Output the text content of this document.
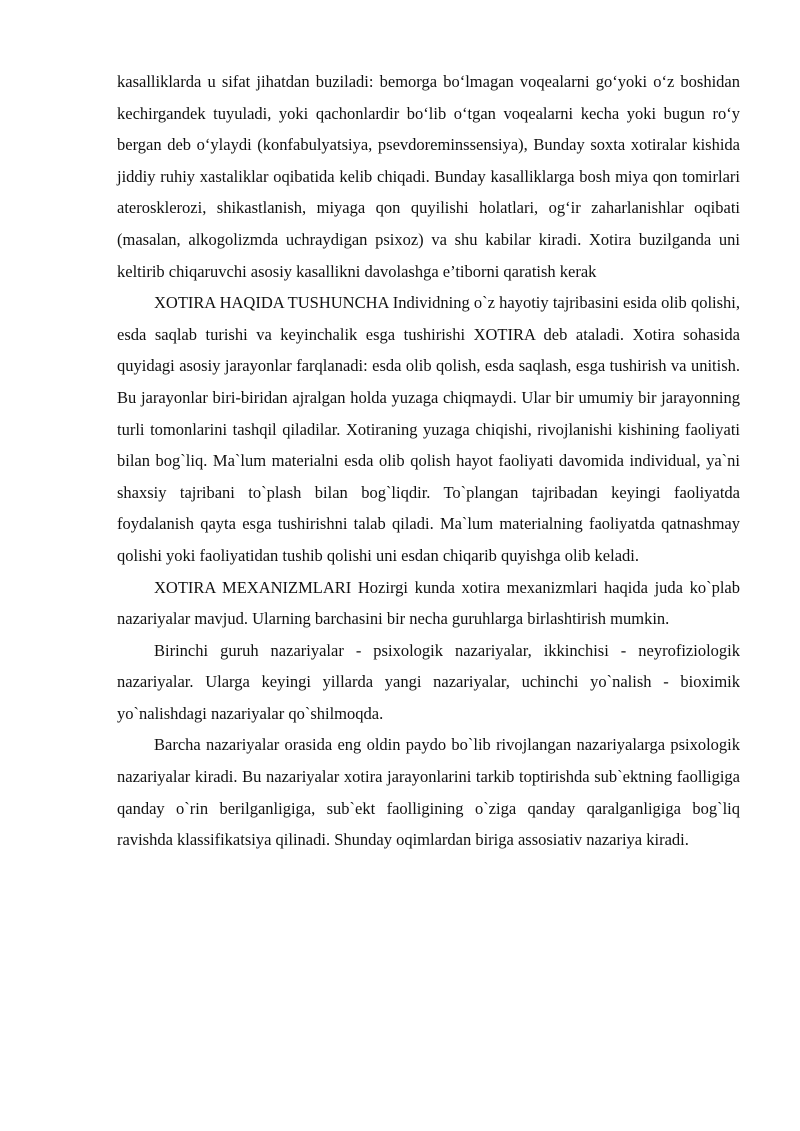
kasalliklarda u sifat jihatdan buziladi: bemorga bo‘lmagan voqealarni go‘yoki o‘z boshidan kechirgandek tuyuladi, yoki qachonlardir bo‘lib o‘tgan voqealarni kecha yoki bugun ro‘y bergan deb o‘ylaydi (konfabulyatsiya, psevdoreminssensiya), Bunday soxta xotiralar kishida jiddiy ruhiy xastaliklar oqibatida kelib chiqadi. Bunday kasalliklarga bosh miya qon tomirlari aterosklerozi, shikastlanish, miyaga qon quyilishi holatlari, og‘ir zaharlanishlar oqibati (masalan, alkogolizmda uchraydigan psixoz) va shu kabilar kiradi. Xotira buzilganda uni keltirib chiqaruvchi asosiy kasallikni davolashga e’tiborni qaratish kerak

XOTIRA HAQIDA TUSHUNCHA Individning o`z hayotiy tajribasini esida olib qolishi, esda saqlab turishi va keyinchalik esga tushirishi XOTIRA deb ataladi. Xotira sohasida quyidagi asosiy jarayonlar farqlanadi: esda olib qolish, esda saqlash, esga tushirish va unitish. Bu jarayonlar biri-biridan ajralgan holda yuzaga chiqmaydi. Ular bir umumiy bir jarayonning turli tomonlarini tashqil qiladilar. Xotiraning yuzaga chiqishi, rivojlanishi kishining faoliyati bilan bog`liq. Ma`lum materialni esda olib qolish hayot faoliyati davomida individual, ya`ni shaxsiy tajribani to`plash bilan bog`liqdir. To`plangan tajribadan keyingi faoliyatda foydalanish qayta esga tushirishni talab qiladi. Ma`lum materialning faoliyatda qatnashmay qolishi yoki faoliyatidan tushib qolishi uni esdan chiqarib quyishga olib keladi.

XOTIRA MEXANIZMLARI Hozirgi kunda xotira mexanizmlari haqida juda ko`plab nazariyalar mavjud. Ularning barchasini bir necha guruhlarga birlashtirish mumkin.

Birinchi guruh nazariyalar - psixologik nazariyalar, ikkinchisi - neyrofiziologik nazariyalar. Ularga keyingi yillarda yangi nazariyalar, uchinchi yo`nalish - bioximik yo`nalishdagi nazariyalar qo`shilmoqda.

Barcha nazariyalar orasida eng oldin paydo bo`lib rivojlangan nazariyalarga psixologik nazariyalar kiradi. Bu nazariyalar xotira jarayonlarini tarkib toptirishda sub`ektning faolligiga qanday o`rin berilganligiga, sub`ekt faolligining o`ziga qanday qaralganligiga bog`liq ravishda klassifikatsiya qilinadi. Shunday oqimlardan biriga assosiativ nazariya kiradi.
